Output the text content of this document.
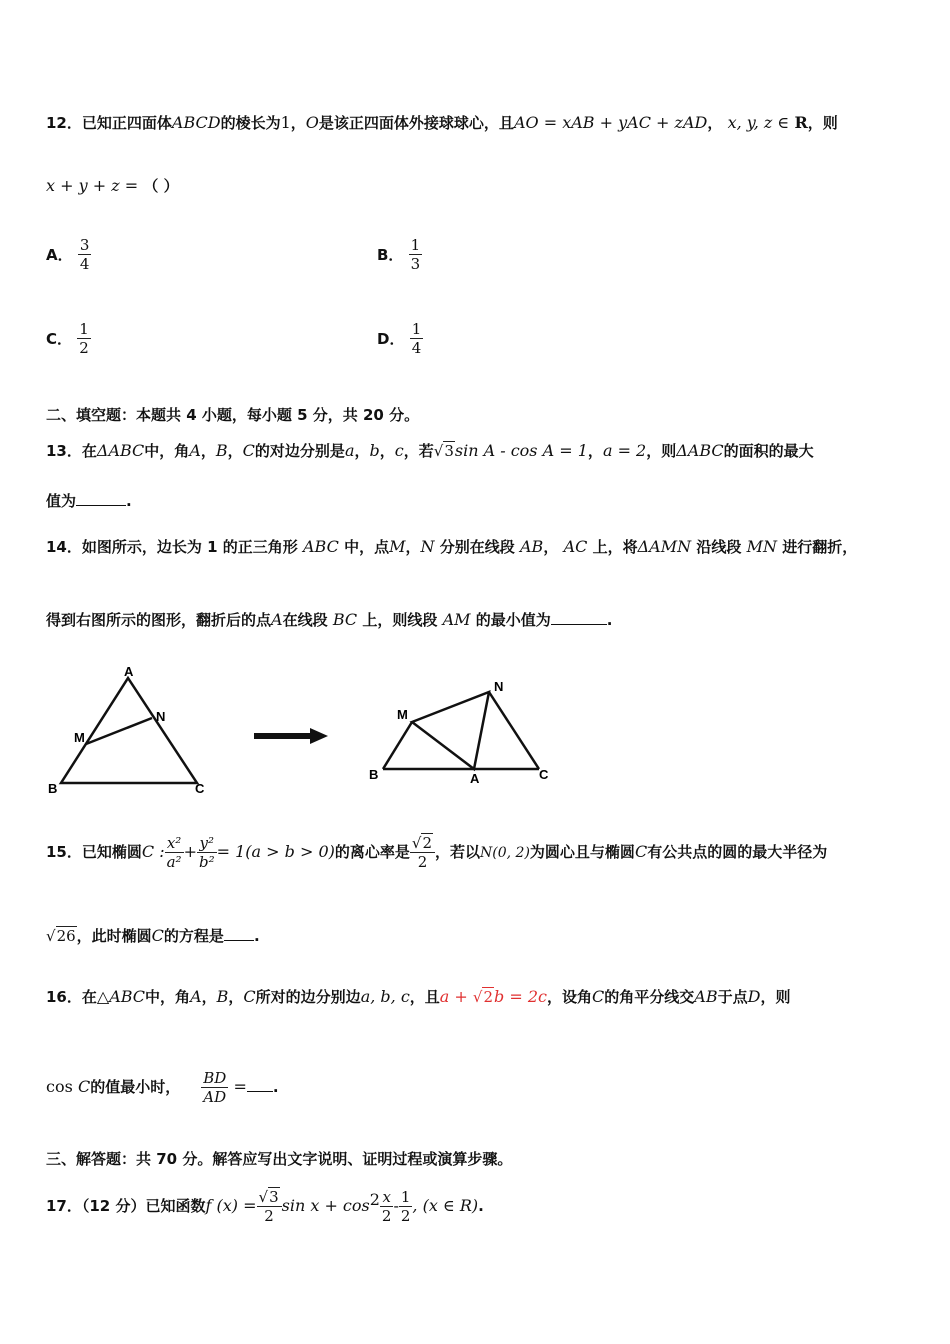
12．已知正四面体ABCD的棱长为1，O是该正四面体外接球球心，且AO = xAB + yAC + zAD， x, y, z ∈ R，则
x + y + z = （ ）
A． $\frac{3}{4}$	B． $\frac{1}{3}$
C． $\frac{1}{2}$	D． $\frac{1}{4}$
二、填空题：本题共 4 小题，每小题 5 分，共 20 分。
13．在ΔABC中，角A，B，C的对边分别是a，b，c，若√3sin A - cos A = 1，a = 2，则ΔABC的面积的最大
值为	.
14．如图所示，边长为 1 的正三角形 ABC 中，点M，N 分别在线段 AB， AC 上，将ΔAMN 沿线段 MN 进行翻折，
得到右图所示的图形，翻折后的点A在线段 BC 上，则线段 AM 的最小值为	.
A
B	C
M
N
N
M
B	A	C
15．已知椭圆C : $\frac{\text{x²}}{\text{a²}} + \frac{\text{y²}}{\text{b²}} = 1(a > b > 0)$的离心率是 $\frac{√2}{2}$ ，若以N(0, 2)为圆心且与椭圆C有公共点的圆的最大半径为
√26，此时椭圆C的方程是 .
16．在△ABC中，角A，B，C所对的边分别边a, b, c，且a + √2b = 2c，设角C的角平分线交AB于点D，则
cos C的值最小时， $\frac{BD}{AD}$ = .
三、解答题：共 70 分。解答应写出文字说明、证明过程或演算步骤。
17．（12 分）已知函数f $(x) = \frac{√3}{2}$ $\sin x + \cos^2 \frac{x}{2} - \frac{1}{2}$ , (x ∈ R).
